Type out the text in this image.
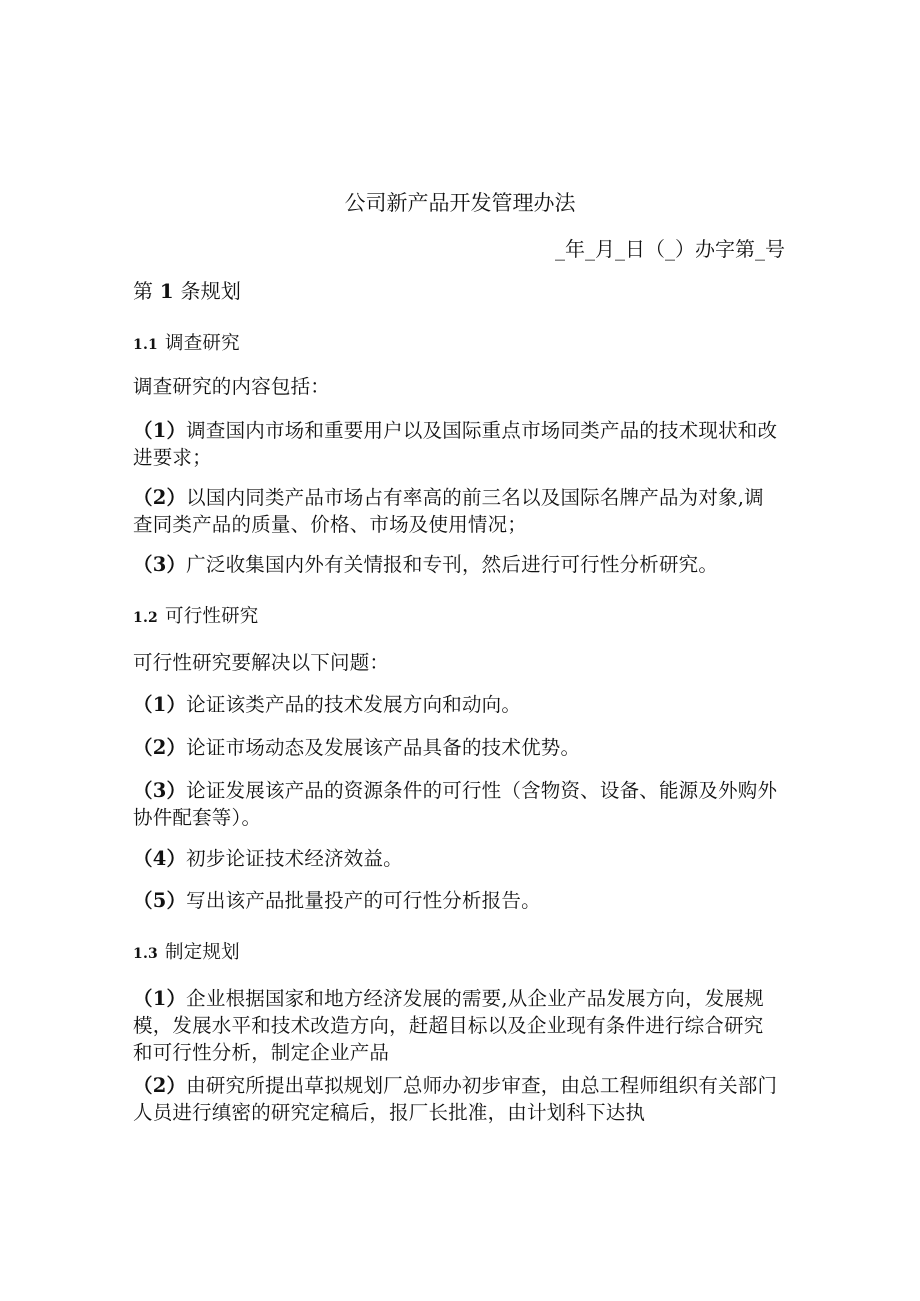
公司新产品开发管理办法
_年_月_日（_）办字第_号
第 1 条规划
1.1 调查研究
调查研究的内容包括：
（1）调查国内市场和重要用户以及国际重点市场同类产品的技术现状和改进要求；
（2）以国内同类产品市场占有率高的前三名以及国际名牌产品为对象,调查同类产品的质量、价格、市场及使用情况；
（3）广泛收集国内外有关情报和专刊，然后进行可行性分析研究。
1.2 可行性研究
可行性研究要解决以下问题：
（1）论证该类产品的技术发展方向和动向。
（2）论证市场动态及发展该产品具备的技术优势。
（3）论证发展该产品的资源条件的可行性（含物资、设备、能源及外购外协件配套等）。
（4）初步论证技术经济效益。
（5）写出该产品批量投产的可行性分析报告。
1.3 制定规划
（1）企业根据国家和地方经济发展的需要,从企业产品发展方向，发展规模，发展水平和技术改造方向，赶超目标以及企业现有条件进行综合研究和可行性分析，制定企业产品
（2）由研究所提出草拟规划厂总师办初步审查，由总工程师组织有关部门人员进行缜密的研究定稿后，报厂长批准，由计划科下达执
